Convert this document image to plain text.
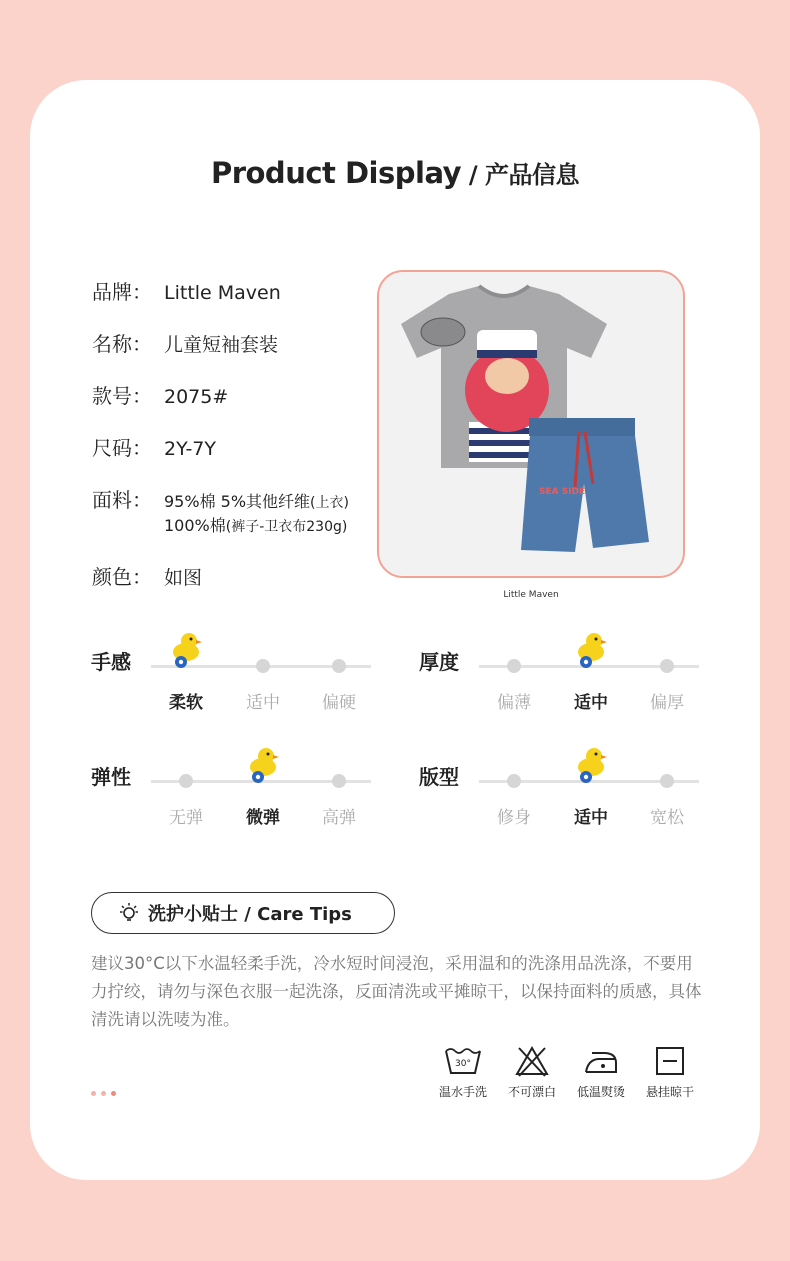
Product Display / 产品信息
品牌： Little Maven
名称： 儿童短袖套装
款号： 2075#
尺码： 2Y-7Y
面料： 95%棉 5%其他纤维(上衣)
100%棉(裤子-卫衣布230g)
颜色： 如图
SEA SIDE
Little Maven
手感
柔软	适中	偏硬
厚度
偏薄	适中	偏厚
弹性
无弹	微弹	高弹
版型
修身	适中	宽松
洗护小贴士 / Care Tips
建议30°C以下水温轻柔手洗，冷水短时间浸泡，采用温和的洗涤用品洗涤，不要用力拧绞，请勿与深色衣服一起洗涤，反面清洗或平摊晾干，以保持面料的质感，具体清洗请以洗唛为准。
30°
温水手洗	不可漂白	低温熨烫	悬挂晾干
